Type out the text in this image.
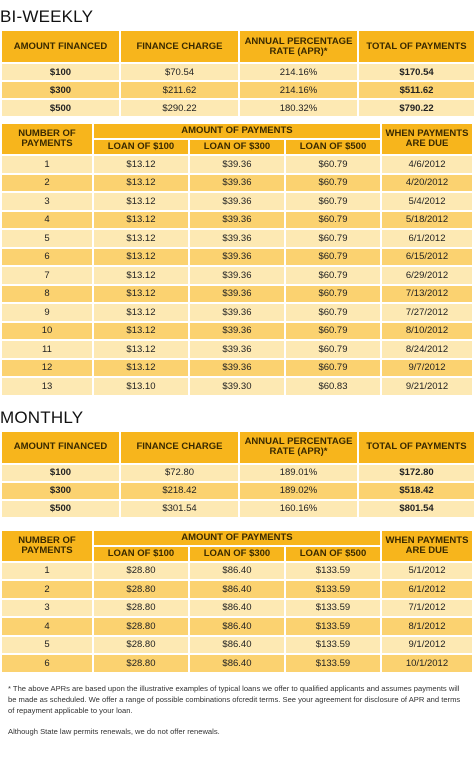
BI-WEEKLY
AMOUNT FINANCED	FINANCE CHARGE	ANNUAL PERCENTAGE RATE (APR)*	TOTAL OF PAYMENTS
$100	$70.54	214.16%	$170.54
$300	$211.62	214.16%	$511.62
$500	$290.22	180.32%	$790.22
NUMBER OF PAYMENTS	AMOUNT OF PAYMENTS			WHEN PAYMENTS ARE DUE
	LOAN OF $100	LOAN OF $300	LOAN OF $500	
1	$13.12	$39.36	$60.79	4/6/2012
2	$13.12	$39.36	$60.79	4/20/2012
3	$13.12	$39.36	$60.79	5/4/2012
4	$13.12	$39.36	$60.79	5/18/2012
5	$13.12	$39.36	$60.79	6/1/2012
6	$13.12	$39.36	$60.79	6/15/2012
7	$13.12	$39.36	$60.79	6/29/2012
8	$13.12	$39.36	$60.79	7/13/2012
9	$13.12	$39.36	$60.79	7/27/2012
10	$13.12	$39.36	$60.79	8/10/2012
11	$13.12	$39.36	$60.79	8/24/2012
12	$13.12	$39.36	$60.79	9/7/2012
13	$13.10	$39.30	$60.83	9/21/2012
MONTHLY
AMOUNT FINANCED	FINANCE CHARGE	ANNUAL PERCENTAGE RATE (APR)*	TOTAL OF PAYMENTS
$100	$72.80	189.01%	$172.80
$300	$218.42	189.02%	$518.42
$500	$301.54	160.16%	$801.54
NUMBER OF PAYMENTS	AMOUNT OF PAYMENTS			WHEN PAYMENTS ARE DUE
	LOAN OF $100	LOAN OF $300	LOAN OF $500	
1	$28.80	$86.40	$133.59	5/1/2012
2	$28.80	$86.40	$133.59	6/1/2012
3	$28.80	$86.40	$133.59	7/1/2012
4	$28.80	$86.40	$133.59	8/1/2012
5	$28.80	$86.40	$133.59	9/1/2012
6	$28.80	$86.40	$133.59	10/1/2012

* The above APRs are based upon the illustrative examples of typical loans we offer to qualified applicants and assumes payments will be made as scheduled. We offer a range of possible combinations ofcredit terms. See your agreement for disclosure of APR and terms of repayment applicable to your loan.

Although State law permits renewals, we do not offer renewals.
